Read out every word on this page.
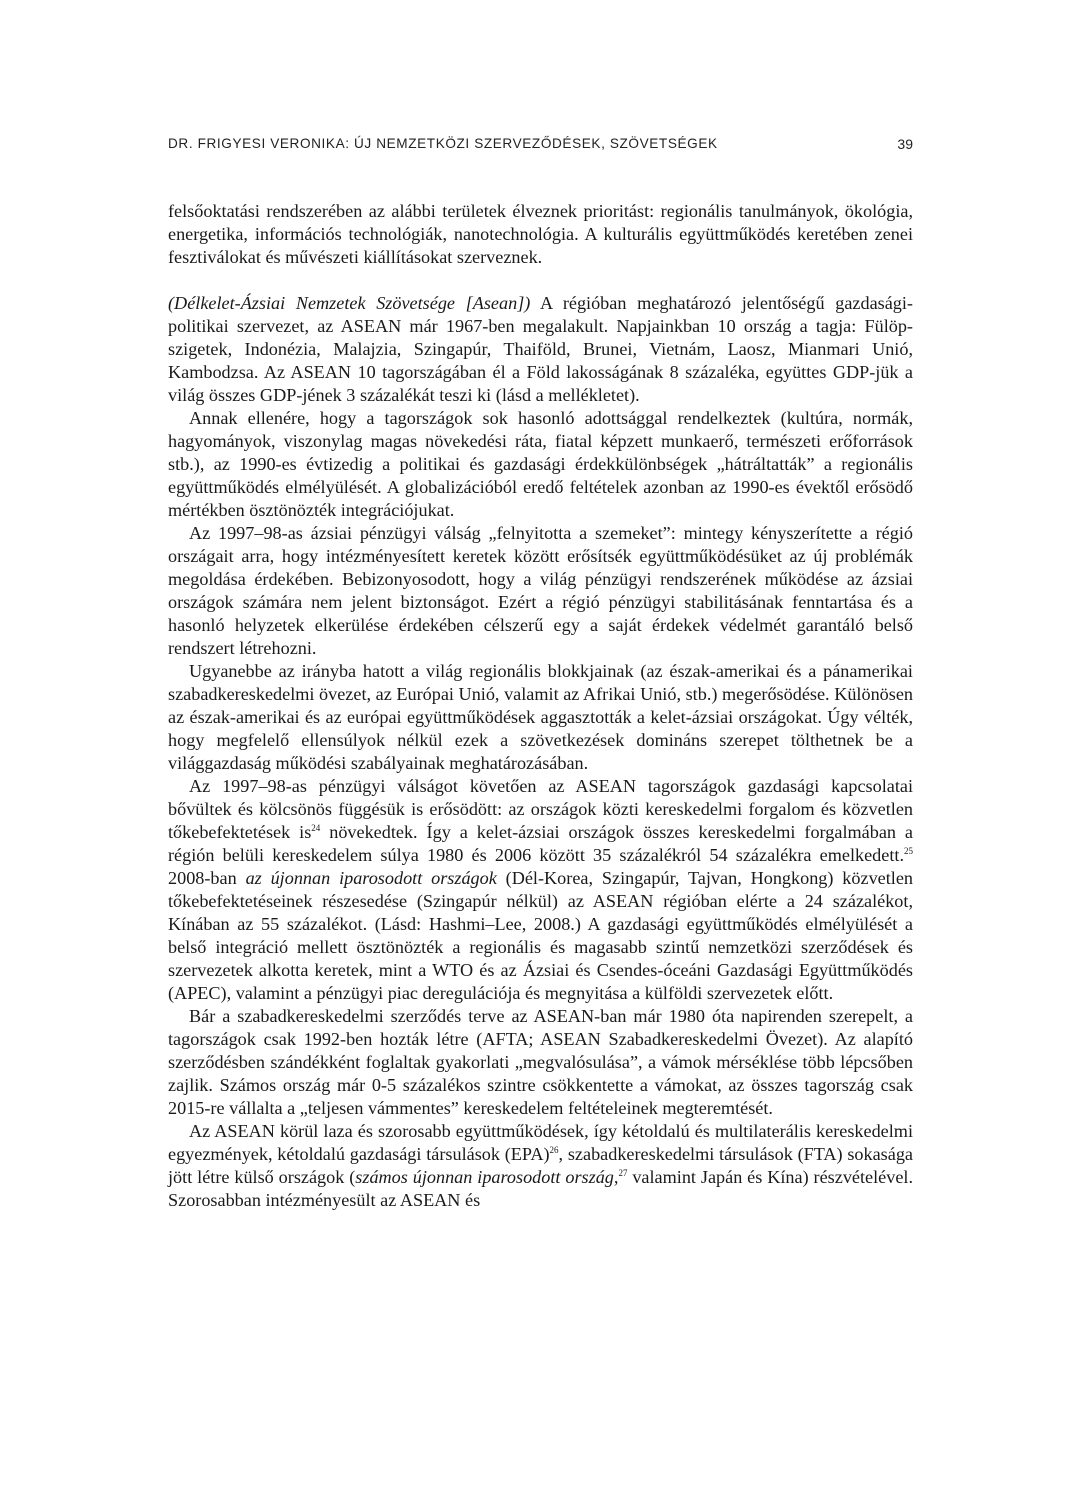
DR. FRIGYESI VERONIKA: ÚJ NEMZETKÖZI SZERVEZŐDÉSEK, SZÖVETSÉGEK	39

felsőoktatási rendszerében az alábbi területek élveznek prioritást: regionális tanulmányok, ökológia, energetika, információs technológiák, nanotechnológia. A kulturális együttműködés keretében zenei fesztiválokat és művészeti kiállításokat szerveznek.

(Délkelet-Ázsiai Nemzetek Szövetsége [Asean]) A régióban meghatározó jelentőségű gazdasági-politikai szervezet, az ASEAN már 1967-ben megalakult. Napjainkban 10 ország a tagja: Fülöp-szigetek, Indonézia, Malajzia, Szingapúr, Thaiföld, Brunei, Vietnám, Laosz, Mianmari Unió, Kambodzsa. Az ASEAN 10 tagországában él a Föld lakosságának 8 százaléka, együttes GDP-jük a világ összes GDP-jének 3 százalékát teszi ki (lásd a mellékletet).

Annak ellenére, hogy a tagországok sok hasonló adottsággal rendelkeztek (kultúra, normák, hagyományok, viszonylag magas növekedési ráta, fiatal képzett munkaerő, természeti erőforrások stb.), az 1990-es évtizedig a politikai és gazdasági érdekkülönbségek „hátráltatták” a regionális együttműködés elmélyülését. A globalizációból eredő feltételek azonban az 1990-es évektől erősödő mértékben ösztönözték integrációjukat.

Az 1997–98-as ázsiai pénzügyi válság „felnyitotta a szemeket”: mintegy kényszerítette a régió országait arra, hogy intézményesített keretek között erősítsék együttműködésüket az új problémák megoldása érdekében. Bebizonyosodott, hogy a világ pénzügyi rendszerének működése az ázsiai országok számára nem jelent biztonságot. Ezért a régió pénzügyi stabilitásának fenntartása és a hasonló helyzetek elkerülése érdekében célszerű egy a saját érdekek védelmét garantáló belső rendszert létrehozni.

Ugyanebbe az irányba hatott a világ regionális blokkjainak (az észak-amerikai és a pánamerikai szabadkereskedelmi övezet, az Európai Unió, valamit az Afrikai Unió, stb.) megerősödése. Különösen az észak-amerikai és az európai együttműködések aggasztották a kelet-ázsiai országokat. Úgy vélték, hogy megfelelő ellensúlyok nélkül ezek a szövetkezések domináns szerepet tölthetnek be a világgazdaság működési szabályainak meghatározásában.

Az 1997–98-as pénzügyi válságot követően az ASEAN tagországok gazdasági kapcsolatai bővültek és kölcsönös függésük is erősödött: az országok közti kereskedelmi forgalom és közvetlen tőkebefektetések $is^{24}$ növekedtek. Így a kelet-ázsiai országok összes kereskedelmi forgalmában a régión belüli kereskedelem súlya 1980 és 2006 között 35 százalékról 54 százalékra emelkedett.$^{25}$ 2008-ban az újonnan iparosodott országok (Dél-Korea, Szingapúr, Tajvan, Hongkong) közvetlen tőkebefektetéseinek részesedése (Szingapúr nélkül) az ASEAN régióban elérte a 24 százalékot, Kínában az 55 százalékot. (Lásd: Hashmi–Lee, 2008.) A gazdasági együttműködés elmélyülését a belső integráció mellett ösztönözték a regionális és magasabb szintű nemzetközi szerződések és szervezetek alkotta keretek, mint a WTO és az Ázsiai és Csendes-óceáni Gazdasági Együttműködés (APEC), valamint a pénzügyi piac deregulációja és megnyitása a külföldi szervezetek előtt.

Bár a szabadkereskedelmi szerződés terve az ASEAN-ban már 1980 óta napirenden szerepelt, a tagországok csak 1992-ben hozták létre (AFTA; ASEAN Szabadkereskedelmi Övezet). Az alapító szerződésben szándékként foglaltak gyakorlati „megvalósulása”, a vámok mérséklése több lépcsőben zajlik. Számos ország már 0-5 százalékos szintre csökkentette a vámokat, az összes tagország csak 2015-re vállalta a „teljesen vámmentes” kereskedelem feltételeinek megteremtését.

Az ASEAN körül laza és szorosabb együttműködések, így kétoldalú és multilaterális kereskedelmi egyezmények, kétoldalú gazdasági társulások (EPA)$^{26}$, szabadkereskedelmi társulások (FTA) sokasága jött létre külső országok (számos újonnan iparosodott ország,$^{27}$ valamint Japán és Kína) részvételével. Szorosabban intézményesült az ASEAN és
